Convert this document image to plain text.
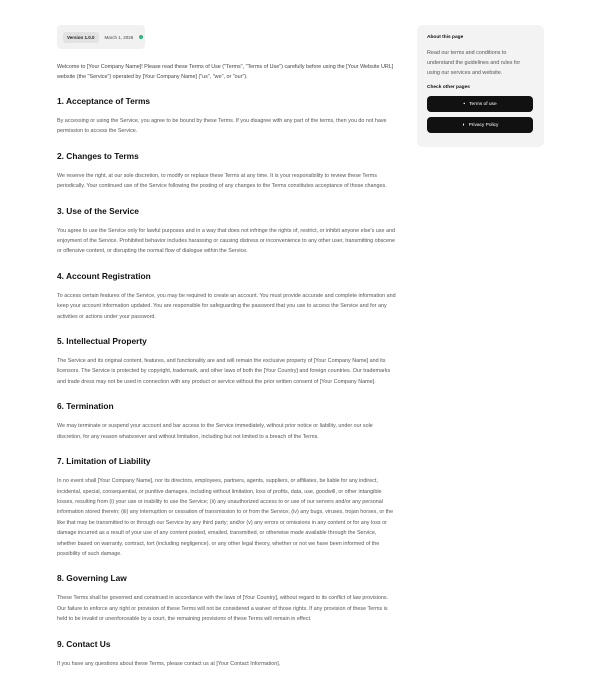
Version 1.0.0	March 1, 2026

Welcome to [Your Company Name]! Please read these Terms of Use ("Terms", "Terms of Use") carefully before using the [Your Website URL] website (the "Service") operated by [Your Company Name] ("us", "we", or "our").

1. Acceptance of Terms

By accessing or using the Service, you agree to be bound by these Terms. If you disagree with any part of the terms, then you do not have permission to access the Service.

2. Changes to Terms

We reserve the right, at our sole discretion, to modify or replace these Terms at any time. It is your responsibility to review these Terms periodically. Your continued use of the Service following the posting of any changes to the Terms constitutes acceptance of those changes.

3. Use of the Service

You agree to use the Service only for lawful purposes and in a way that does not infringe the rights of, restrict, or inhibit anyone else's use and enjoyment of the Service. Prohibited behavior includes harassing or causing distress or inconvenience to any other user, transmitting obscene or offensive content, or disrupting the normal flow of dialogue within the Service.

4. Account Registration

To access certain features of the Service, you may be required to create an account. You must provide accurate and complete information and keep your account information updated. You are responsible for safeguarding the password that you use to access the Service and for any activities or actions under your password.

5. Intellectual Property

The Service and its original content, features, and functionality are and will remain the exclusive property of [Your Company Name] and its licensors. The Service is protected by copyright, trademark, and other laws of both the [Your Country] and foreign countries. Our trademarks and trade dress may not be used in connection with any product or service without the prior written consent of [Your Company Name].

6. Termination

We may terminate or suspend your account and bar access to the Service immediately, without prior notice or liability, under our sole discretion, for any reason whatsoever and without limitation, including but not limited to a breach of the Terms.

7. Limitation of Liability

In no event shall [Your Company Name], nor its directors, employees, partners, agents, suppliers, or affiliates, be liable for any indirect, incidental, special, consequential, or punitive damages, including without limitation, loss of profits, data, use, goodwill, or other intangible losses, resulting from (i) your use or inability to use the Service; (ii) any unauthorized access to or use of our servers and/or any personal information stored therein; (iii) any interruption or cessation of transmission to or from the Service; (iv) any bugs, viruses, trojan horses, or the like that may be transmitted to or through our Service by any third party; and/or (v) any errors or omissions in any content or for any loss or damage incurred as a result of your use of any content posted, emailed, transmitted, or otherwise made available through the Service, whether based on warranty, contract, tort (including negligence), or any other legal theory, whether or not we have been informed of the possibility of such damage.

8. Governing Law

These Terms shall be governed and construed in accordance with the laws of [Your Country], without regard to its conflict of law provisions. Our failure to enforce any right or provision of these Terms will not be considered a waiver of those rights. If any provision of these Terms is held to be invalid or unenforceable by a court, the remaining provisions of these Terms will remain in effect.

9. Contact Us

If you have any questions about these Terms, please contact us at [Your Contact Information].

About this page

Read our terms and conditions to understand the guidelines and rules for using our services and website.

Check other pages
▪ Terms of use
◑ Privacy Policy
